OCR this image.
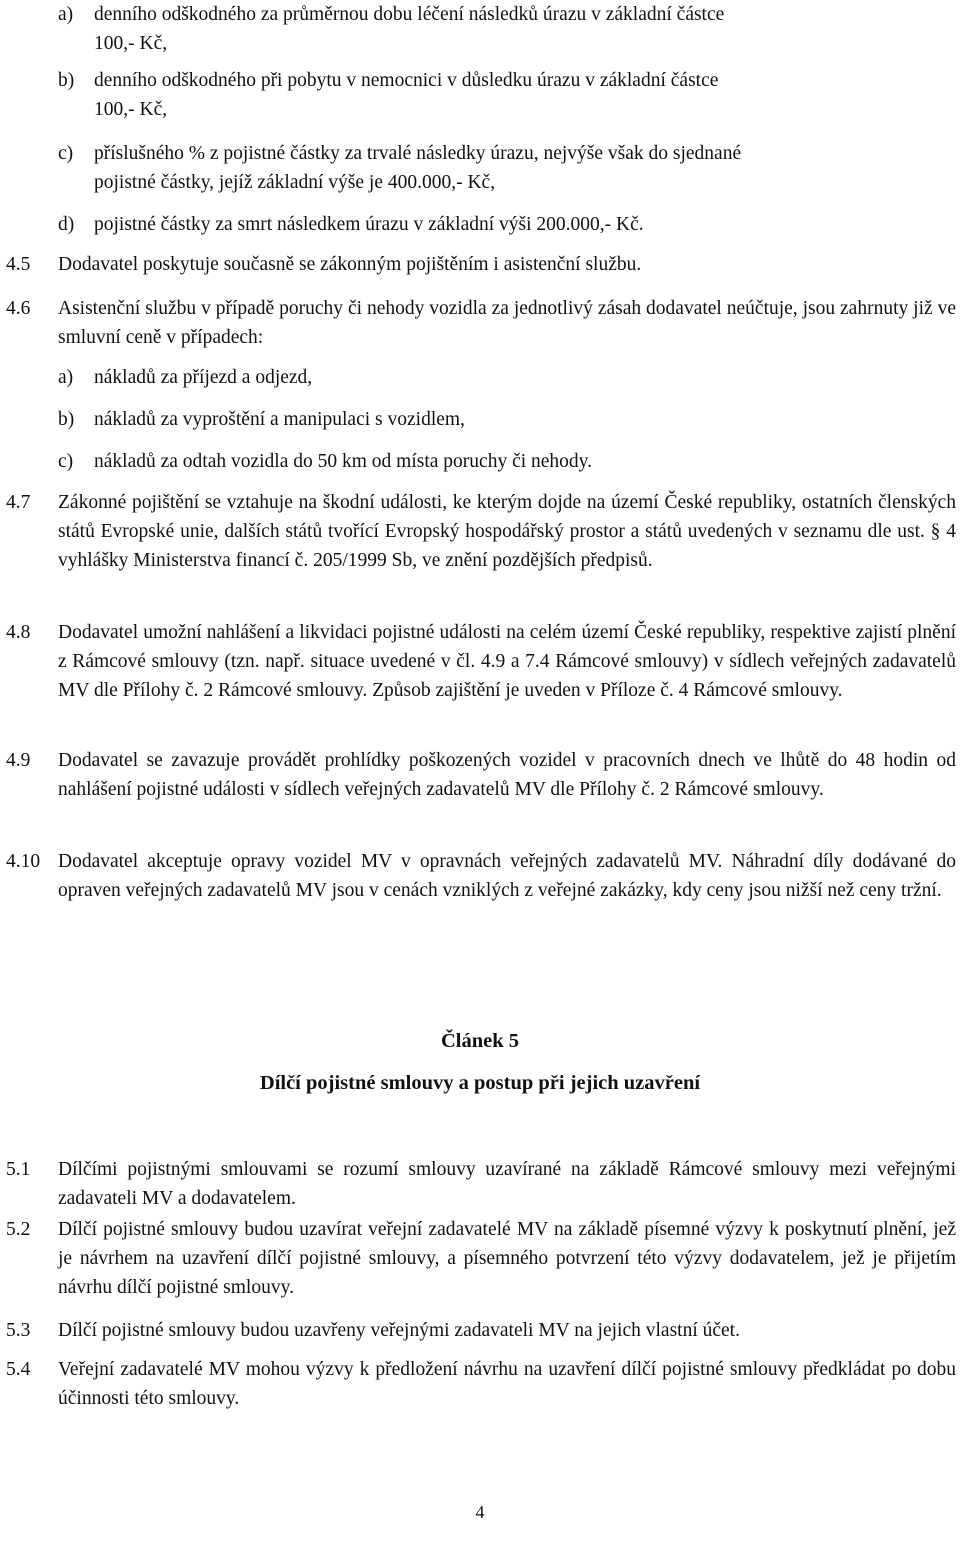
a) denního odškodného za průměrnou dobu léčení následků úrazu v základní částce
100,- Kč,
b) denního odškodného při pobytu v nemocnici v důsledku úrazu v základní částce
100,- Kč,
c) příslušného % z pojistné částky za trvalé následky úrazu, nejvýše však do sjednané
pojistné částky, jejíž základní výše je 400.000,- Kč,
d) pojistné částky za smrt následkem úrazu v základní výši 200.000,- Kč.
4.5 Dodavatel poskytuje současně se zákonným pojištěním i asistenční službu.
4.6 Asistenční službu v případě poruchy či nehody vozidla za jednotlivý zásah dodavatel neúčtuje, jsou zahrnuty již ve smluvní ceně v případech:
a) nákladů za příjezd a odjezd,
b) nákladů za vyproštění a manipulaci s vozidlem,
c) nákladů za odtah vozidla do 50 km od místa poruchy či nehody.
4.7 Zákonné pojištění se vztahuje na škodní události, ke kterým dojde na území České republiky, ostatních členských států Evropské unie, dalších států tvořící Evropský hospodářský prostor a států uvedených v seznamu dle ust. § 4 vyhlášky Ministerstva financí č. 205/1999 Sb, ve znění pozdějších předpisů.
4.8 Dodavatel umožní nahlášení a likvidaci pojistné události na celém území České republiky, respektive zajistí plnění z Rámcové smlouvy (tzn. např. situace uvedené v čl. 4.9 a 7.4 Rámcové smlouvy) v sídlech veřejných zadavatelů MV dle Přílohy č. 2 Rámcové smlouvy. Způsob zajištění je uveden v Příloze č. 4 Rámcové smlouvy.
4.9 Dodavatel se zavazuje provádět prohlídky poškozených vozidel v pracovních dnech ve lhůtě do 48 hodin od nahlášení pojistné události v sídlech veřejných zadavatelů MV dle Přílohy č. 2 Rámcové smlouvy.
4.10 Dodavatel akceptuje opravy vozidel MV v opravnách veřejných zadavatelů MV. Náhradní díly dodávané do opraven veřejných zadavatelů MV jsou v cenách vzniklých z veřejné zakázky, kdy ceny jsou nižší než ceny tržní.
Článek 5
Dílčí pojistné smlouvy a postup při jejich uzavření
5.1 Dílčími pojistnými smlouvami se rozumí smlouvy uzavírané na základě Rámcové smlouvy mezi veřejnými zadavateli MV a dodavatelem.
5.2 Dílčí pojistné smlouvy budou uzavírat veřejní zadavatelé MV na základě písemné výzvy k poskytnutí plnění, jež je návrhem na uzavření dílčí pojistné smlouvy, a písemného potvrzení této výzvy dodavatelem, jež je přijetím návrhu dílčí pojistné smlouvy.
5.3 Dílčí pojistné smlouvy budou uzavřeny veřejnými zadavateli MV na jejich vlastní účet.
5.4 Veřejní zadavatelé MV mohou výzvy k předložení návrhu na uzavření dílčí pojistné smlouvy předkládat po dobu účinnosti této smlouvy.
4
